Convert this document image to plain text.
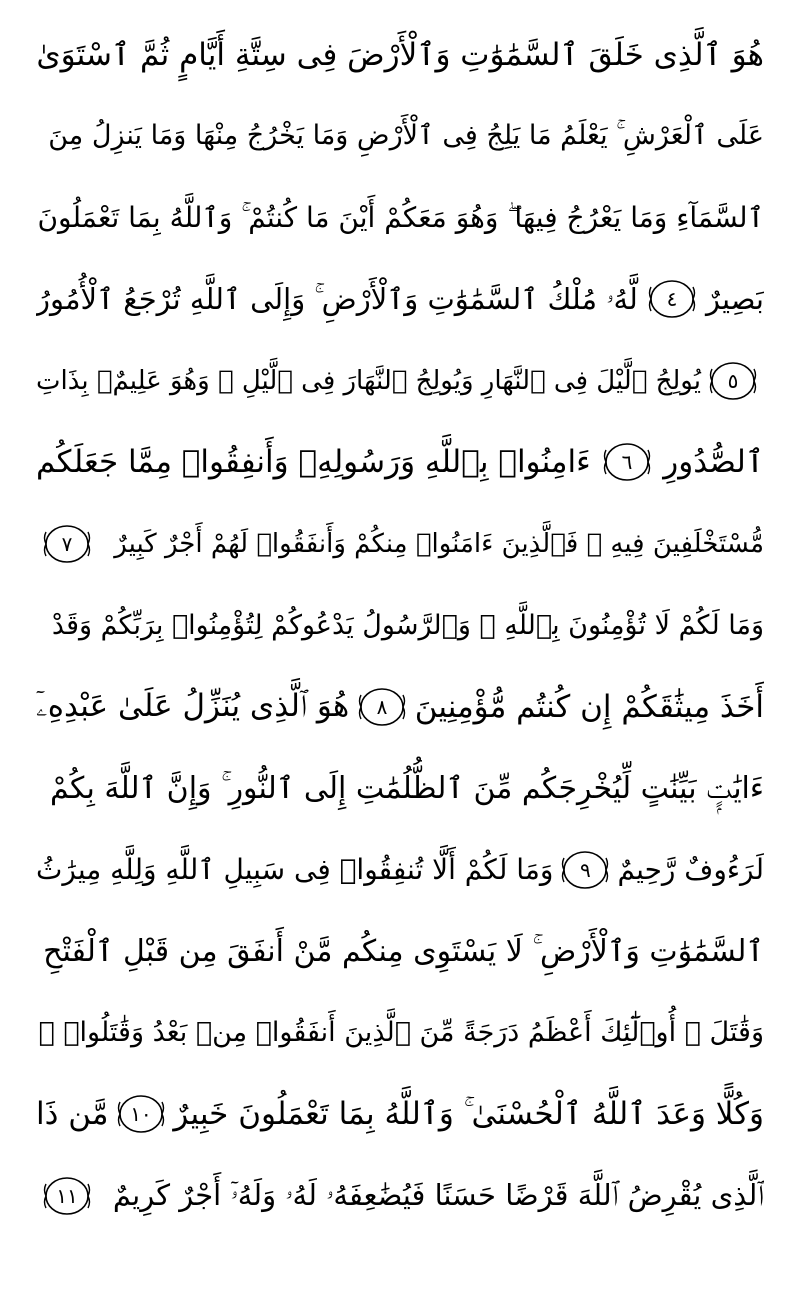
هُوَ ٱلَّذِى خَلَقَ ٱلسَّمَٰوَٰتِ وَٱلْأَرْضَ فِى سِتَّةِ أَيَّامٍ ثُمَّ ٱسْتَوَىٰ
عَلَى ٱلْعَرْشِ ۚ يَعْلَمُ مَا يَلِجُ فِى ٱلْأَرْضِ وَمَا يَخْرُجُ مِنْهَا وَمَا يَنزِلُ مِنَ
ٱلسَّمَآءِ وَمَا يَعْرُجُ فِيهَا ۖ وَهُوَ مَعَكُمْ أَيْنَ مَا كُنتُمْ ۚ وَٱللَّهُ بِمَا تَعْمَلُونَ
بَصِيرٌ
٤
لَّهُۥ مُلْكُ ٱلسَّمَٰوَٰتِ وَٱلْأَرْضِ ۚ وَإِلَى ٱللَّهِ تُرْجَعُ ٱلْأُمُورُ
٥
يُولِجُ ٱلَّيْلَ فِى ٱلنَّهَارِ وَيُولِجُ ٱلنَّهَارَ فِى ٱلَّيْلِ ۚ وَهُوَ عَلِيمٌۢ بِذَاتِ
ٱلصُّدُورِ
٦
ءَامِنُوا۟ بِٱللَّهِ وَرَسُولِهِۦ وَأَنفِقُوا۟ مِمَّا جَعَلَكُم
مُّسْتَخْلَفِينَ فِيهِ ۖ فَٱلَّذِينَ ءَامَنُوا۟ مِنكُمْ وَأَنفَقُوا۟ لَهُمْ أَجْرٌ كَبِيرٌ
٧
وَمَا لَكُمْ لَا تُؤْمِنُونَ بِٱللَّهِ ۙ وَٱلرَّسُولُ يَدْعُوكُمْ لِتُؤْمِنُوا۟ بِرَبِّكُمْ وَقَدْ
أَخَذَ مِيثَٰقَكُمْ إِن كُنتُم مُّؤْمِنِينَ
٨
هُوَ ٱلَّذِى يُنَزِّلُ عَلَىٰ عَبْدِهِۦٓ
ءَايَٰتٍۭ بَيِّنَٰتٍ لِّيُخْرِجَكُم مِّنَ ٱلظُّلُمَٰتِ إِلَى ٱلنُّورِ ۚ وَإِنَّ ٱللَّهَ بِكُمْ
لَرَءُوفٌ رَّحِيمٌ
٩
وَمَا لَكُمْ أَلَّا تُنفِقُوا۟ فِى سَبِيلِ ٱللَّهِ وَلِلَّهِ مِيرَٰثُ
ٱلسَّمَٰوَٰتِ وَٱلْأَرْضِ ۚ لَا يَسْتَوِى مِنكُم مَّنْ أَنفَقَ مِن قَبْلِ ٱلْفَتْحِ
وَقَٰتَلَ ۚ أُو۟لَٰٓئِكَ أَعْظَمُ دَرَجَةً مِّنَ ٱلَّذِينَ أَنفَقُوا۟ مِنۢ بَعْدُ وَقَٰتَلُوا۟ ۚ
وَكُلًّا وَعَدَ ٱللَّهُ ٱلْحُسْنَىٰ ۚ وَٱللَّهُ بِمَا تَعْمَلُونَ خَبِيرٌ
١٠
مَّن ذَا
ٱلَّذِى يُقْرِضُ ٱللَّهَ قَرْضًا حَسَنًا فَيُضَٰعِفَهُۥ لَهُۥ وَلَهُۥٓ أَجْرٌ كَرِيمٌ
١١
